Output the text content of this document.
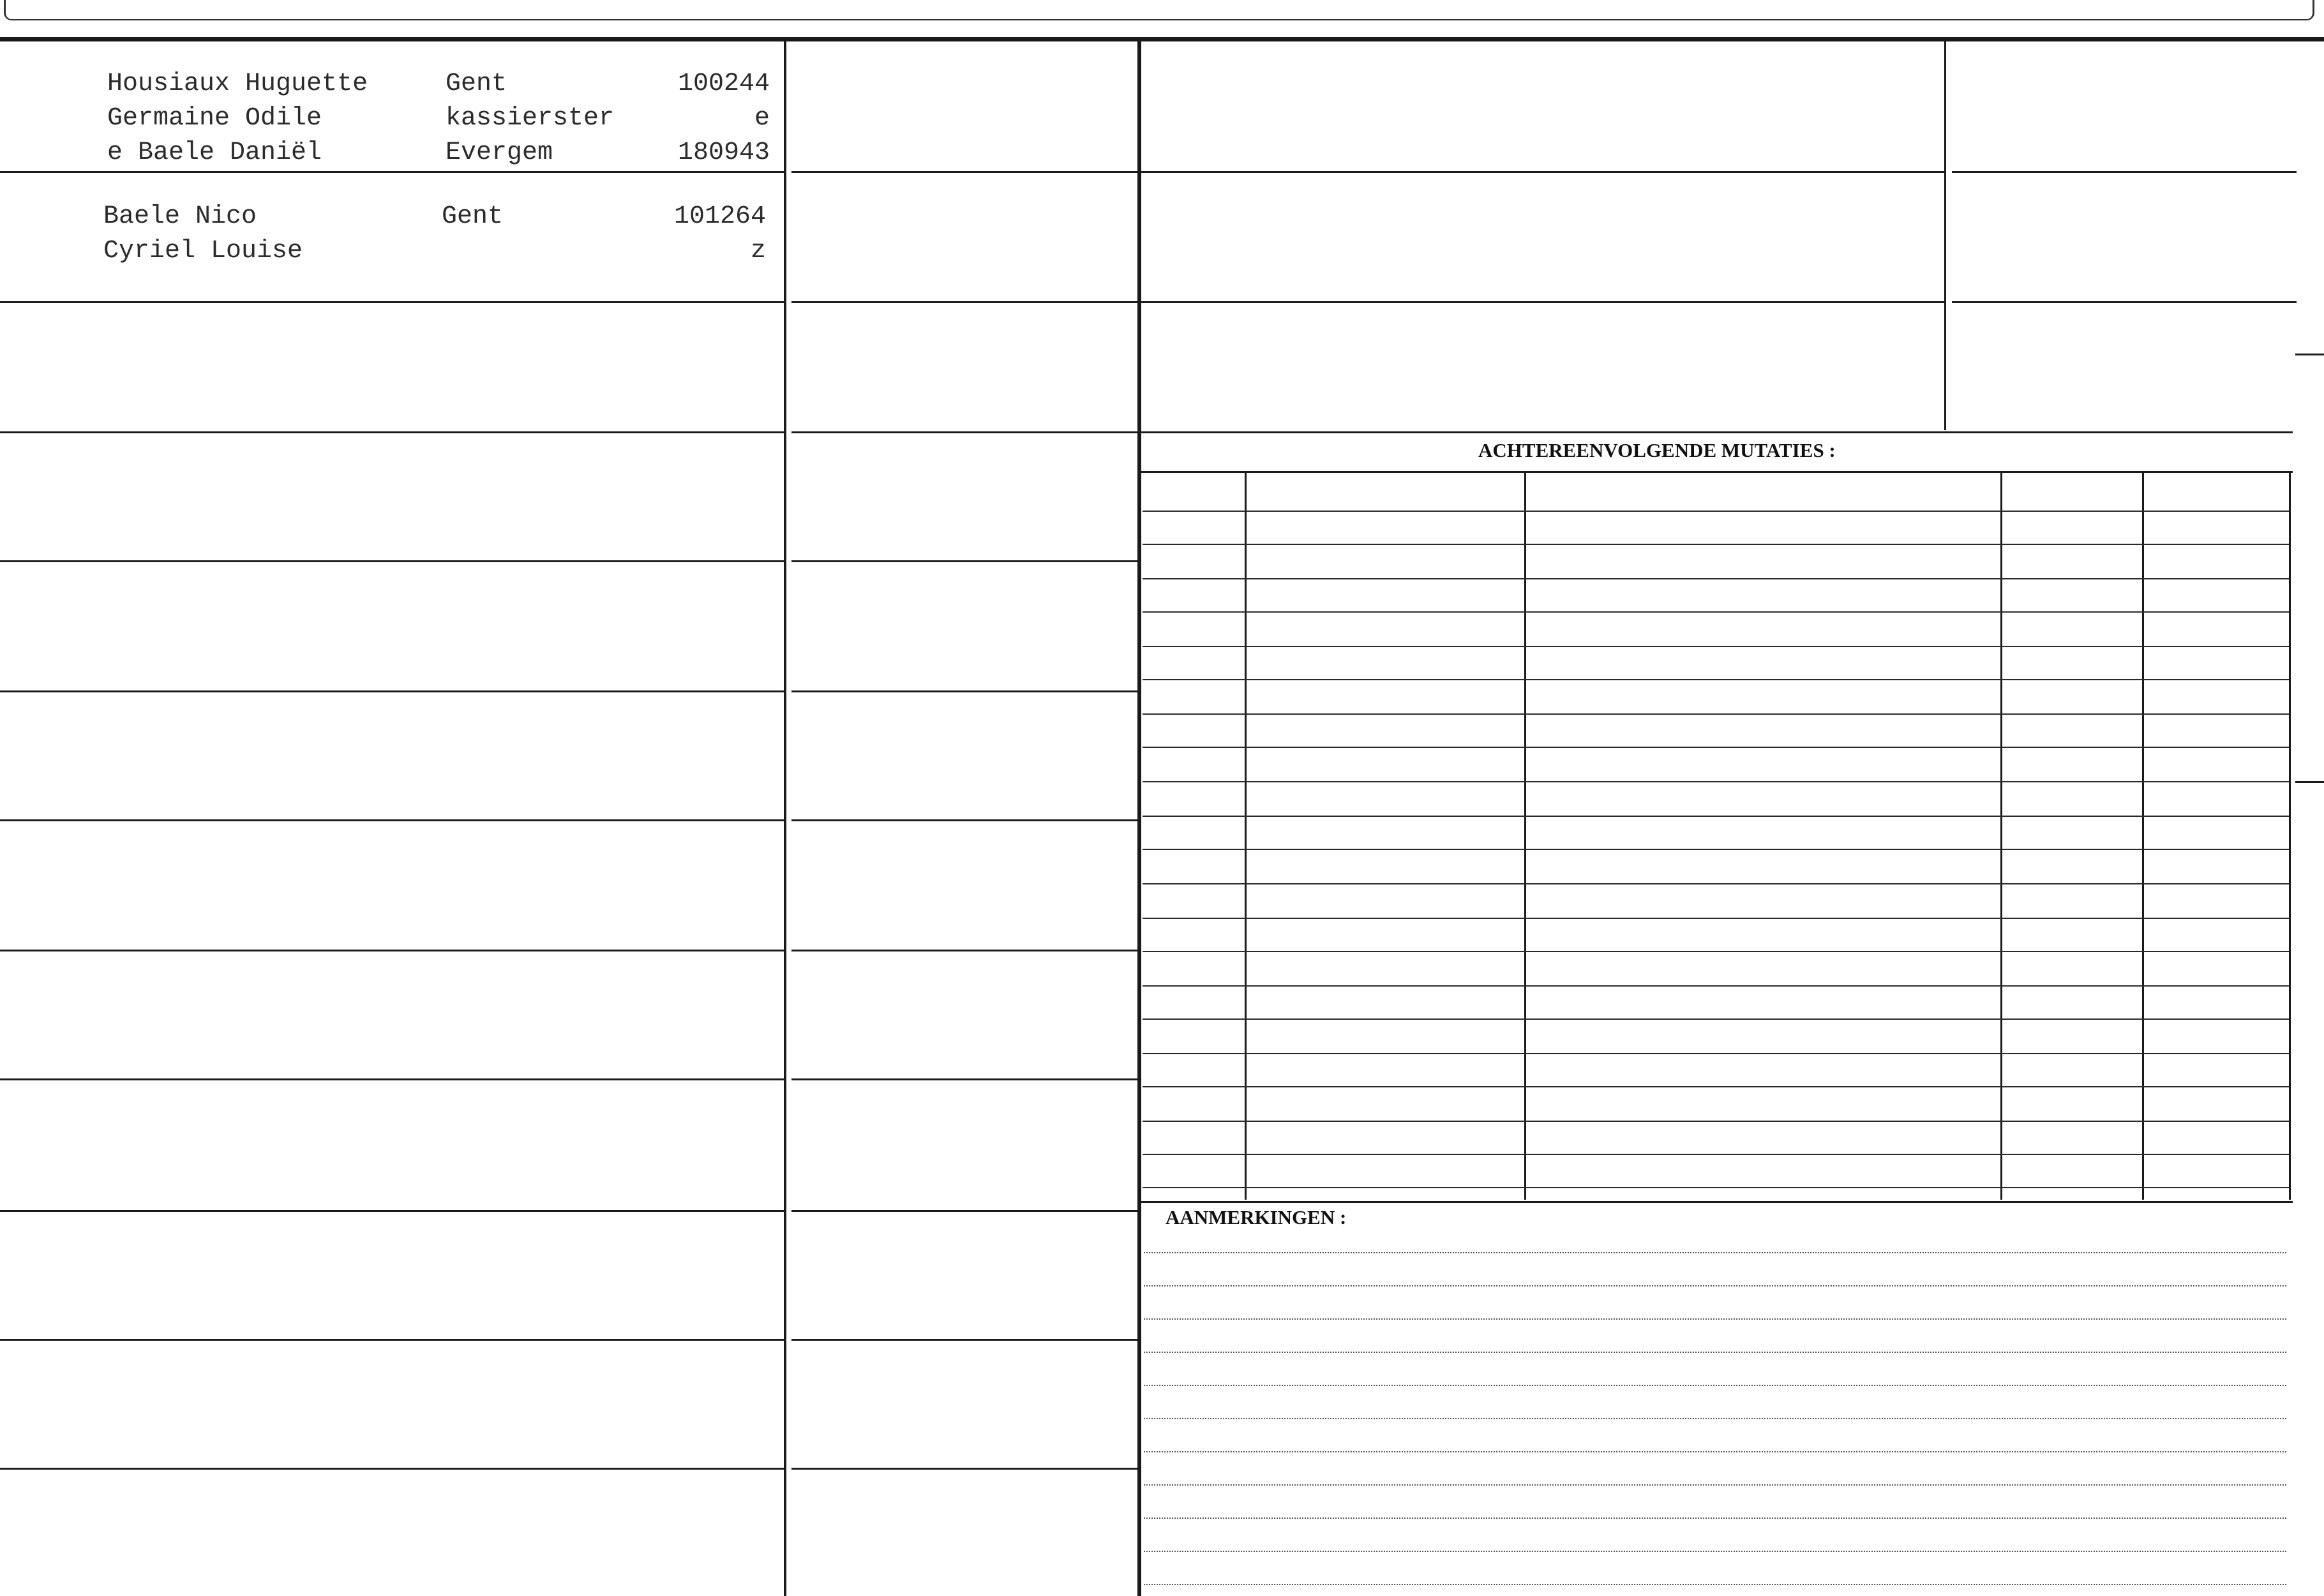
Housiaux Huguette
Germaine Odile
e Baele Daniël
Gent
kassierster
Evergem
100244
e
180943
Baele Nico
Cyriel Louise
Gent	101264
z
ACHTEREENVOLGENDE MUTATIES :
AANMERKINGEN :
